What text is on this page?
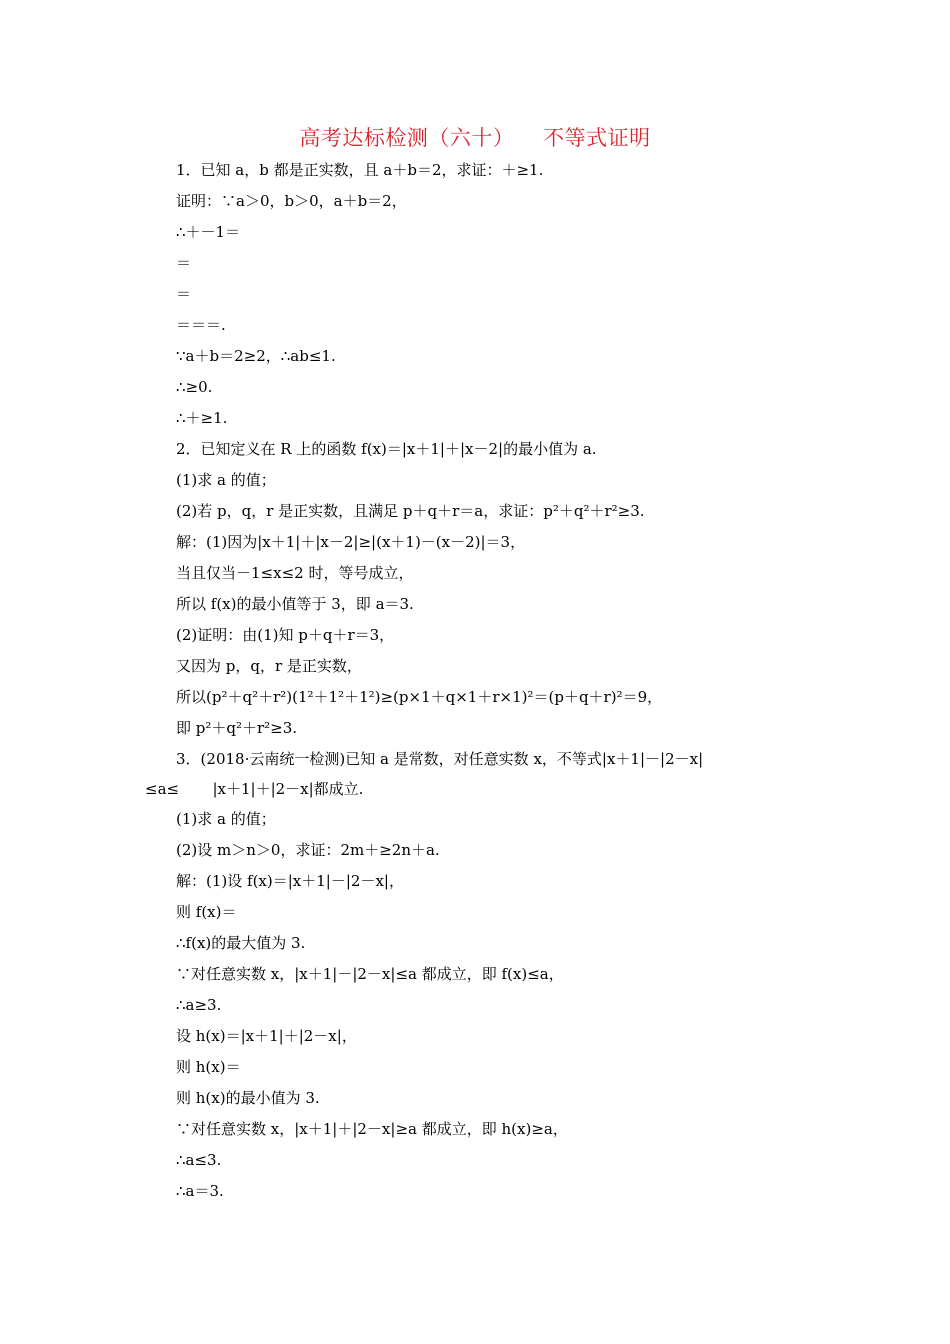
高考达标检测（六十）    不等式证明
1．已知 a，b 都是正实数，且 a＋b＝2，求证：＋≥1.
证明：∵a＞0，b＞0，a＋b＝2，
∴＋－1＝
＝
＝
＝＝＝.
∵a＋b＝2≥2，∴ab≤1.
∴≥0.
∴＋≥1.
2．已知定义在 R 上的函数 f(x)＝|x＋1|＋|x－2|的最小值为 a.
(1)求 a 的值；
(2)若 p，q，r 是正实数，且满足 p＋q＋r＝a，求证：p²＋q²＋r²≥3.
解：(1)因为|x＋1|＋|x－2|≥|(x＋1)－(x－2)|＝3，
当且仅当－1≤x≤2 时，等号成立，
所以 f(x)的最小值等于 3，即 a＝3.
(2)证明：由(1)知 p＋q＋r＝3，
又因为 p，q，r 是正实数，
所以(p²＋q²＋r²)(1²＋1²＋1²)≥(p×1＋q×1＋r×1)²＝(p＋q＋r)²＝9，
即 p²＋q²＋r²≥3.
3．(2018·云南统一检测)已知 a 是常数，对任意实数 x，不等式|x＋1|－|2－x|
≤a≤       |x＋1|＋|2－x|都成立.
(1)求 a 的值；
(2)设 m＞n＞0，求证：2m＋≥2n＋a.
解：(1)设 f(x)＝|x＋1|－|2－x|，
则 f(x)＝
∴f(x)的最大值为 3.
∵对任意实数 x，|x＋1|－|2－x|≤a 都成立，即 f(x)≤a，
∴a≥3.
设 h(x)＝|x＋1|＋|2－x|，
则 h(x)＝
则 h(x)的最小值为 3.
∵对任意实数 x，|x＋1|＋|2－x|≥a 都成立，即 h(x)≥a，
∴a≤3.
∴a＝3.
